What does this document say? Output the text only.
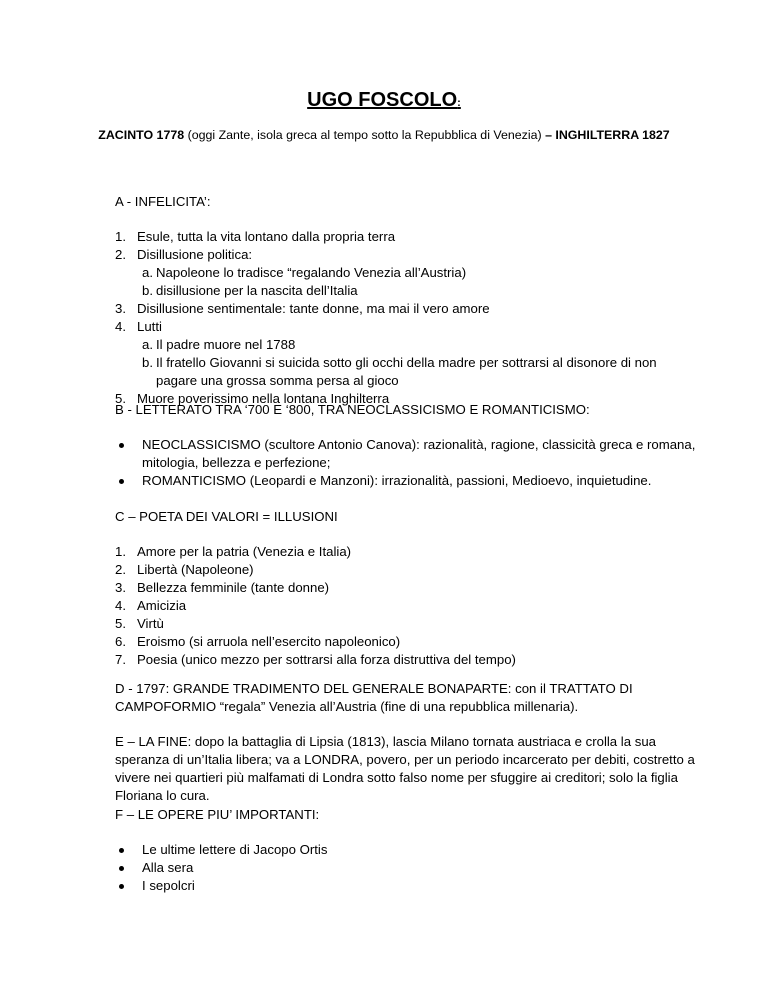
UGO FOSCOLO:
ZACINTO 1778 (oggi Zante, isola greca al tempo sotto la Repubblica di Venezia) – INGHILTERRA 1827

A - INFELICITA’:

1. Esule, tutta la vita lontano dalla propria terra
2. Disillusione politica:
a. Napoleone lo tradisce “regalando Venezia all’Austria)
b. disillusione per la nascita dell’Italia
3. Disillusione sentimentale: tante donne, ma mai il vero amore
4. Lutti
a. Il padre muore nel 1788
b. Il fratello Giovanni si suicida sotto gli occhi della madre per sottrarsi al disonore di non pagare una grossa somma persa al gioco
5. Muore poverissimo nella lontana Inghilterra

B - LETTERATO TRA ‘700 E ‘800, TRA NEOCLASSICISMO E ROMANTICISMO:

NEOCLASSICISMO (scultore Antonio Canova): razionalità, ragione, classicità greca e romana, mitologia, bellezza e perfezione;
ROMANTICISMO (Leopardi e Manzoni): irrazionalità, passioni, Medioevo, inquietudine.

C – POETA DEI VALORI = ILLUSIONI

1. Amore per la patria (Venezia e Italia)
2. Libertà (Napoleone)
3. Bellezza femminile (tante donne)
4. Amicizia
5. Virtù
6. Eroismo (si arruola nell’esercito napoleonico)
7. Poesia (unico mezzo per sottrarsi alla forza distruttiva del tempo)

D - 1797: GRANDE TRADIMENTO DEL GENERALE BONAPARTE: con il TRATTATO DI CAMPOFORMIO “regala” Venezia all’Austria (fine di una repubblica millenaria).

E – LA FINE: dopo la battaglia di Lipsia (1813), lascia Milano tornata austriaca e crolla la sua speranza di un’Italia libera; va a LONDRA, povero, per un periodo incarcerato per debiti, costretto a vivere nei quartieri più malfamati di Londra sotto falso nome per sfuggire ai creditori; solo la figlia Floriana lo cura.

F – LE OPERE PIU’ IMPORTANTI:

Le ultime lettere di Jacopo Ortis
Alla sera
I sepolcri
